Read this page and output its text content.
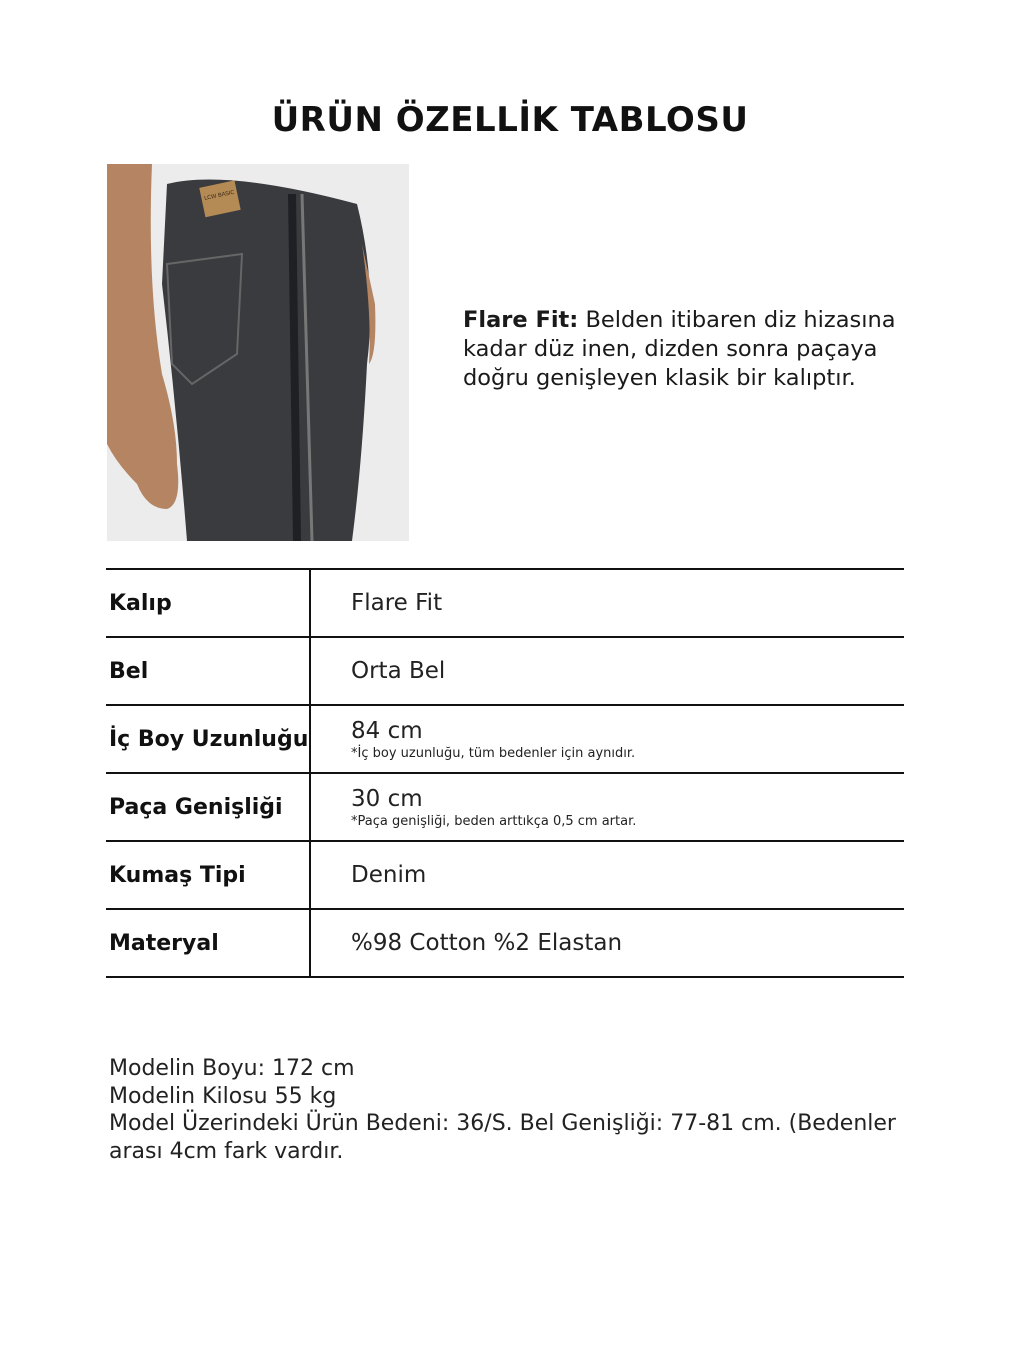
ÜRÜN ÖZELLİK TABLOSU
LCW BASIC
Flare Fit: Belden itibaren diz hizasına kadar düz inen, dizden sonra paçaya doğru genişleyen klasik bir kalıptır.
Kalıp	Flare Fit
Bel	Orta Bel
İç Boy Uzunluğu	84 cm
*İç boy uzunluğu, tüm bedenler için aynıdır.

Paça Genişliği	30 cm
*Paça genişliği, beden arttıkça 0,5 cm artar.

Kumaş Tipi	Denim
Materyal	%98 Cotton %2 Elastan
Modelin Boyu: 172 cm
Modelin Kilosu 55 kg
Model Üzerindeki Ürün Bedeni: 36/S. Bel Genişliği: 77-81 cm. (Bedenler arası 4cm fark vardır.
